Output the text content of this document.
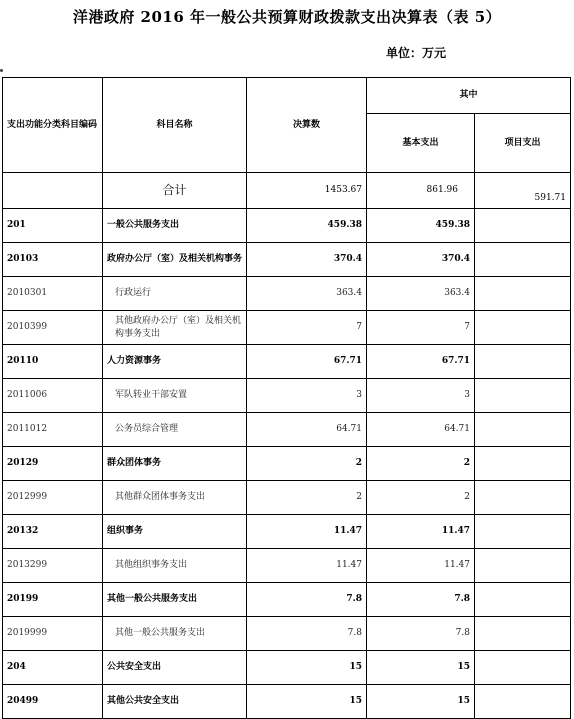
洋港政府 2016 年一般公共预算财政拨款支出决算表（表 5）
单位：万元
支出功能分类科目编码	科目名称	决算数	其中	
			基本支出	项目支出
	合计	1453.67	861.96	591.71
201	一般公共服务支出	459.38	459.38	
20103	政府办公厅（室）及相关机构事务	370.4	370.4	
2010301	行政运行	363.4	363.4	
2010399	其他政府办公厅（室）及相关机构事务支出	7	7	
20110	人力资源事务	67.71	67.71	
2011006	军队转业干部安置	3	3	
2011012	公务员综合管理	64.71	64.71	
20129	群众团体事务	2	2	
2012999	其他群众团体事务支出	2	2	
20132	组织事务	11.47	11.47	
2013299	其他组织事务支出	11.47	11.47	
20199	其他一般公共服务支出	7.8	7.8	
2019999	其他一般公共服务支出	7.8	7.8	
204	公共安全支出	15	15	
20499	其他公共安全支出	15	15	
